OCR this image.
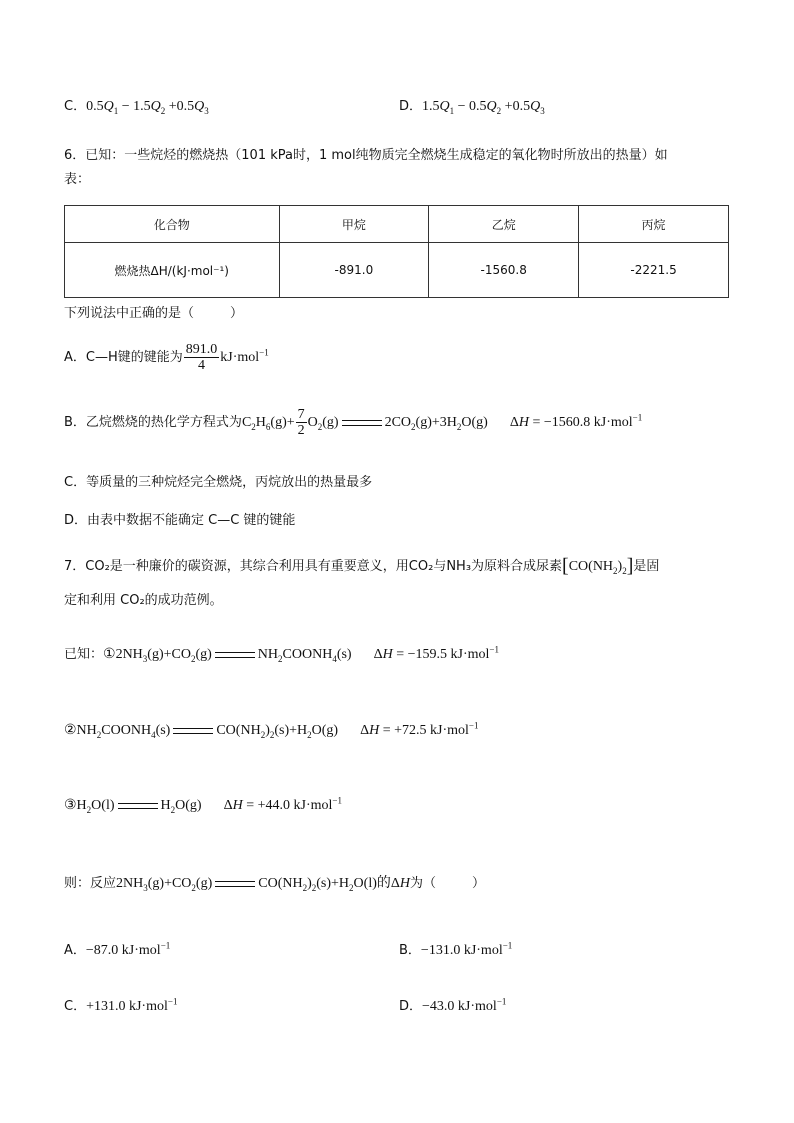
C．$0.5Q_1 - 1.5Q_2 +0.5Q_3$	D．$1.5Q_1 - 0.5Q_2 +0.5Q_3$
6．已知：一些烷烃的燃烧热（101 kPa时，1 mol纯物质完全燃烧生成稳定的氧化物时所放出的热量）如
表：
化合物	甲烷	乙烷	丙烷
燃烧热ΔH/(kJ·mol⁻¹)	-891.0	-1560.8	-2221.5
下列说法中正确的是（	）
A．C—H键的键能为 $\frac{891.0}{4} kJ\cdot mol^{-1}$
B．乙烷燃烧的热化学方程式为$C_2H_6(g)+ \frac{7}{2} O_2(g)$	$2CO_2(g)+3H_2O(g) \Delta H = -1560.8$ kJ·mol$^{-1}$
C．等质量的三种烷烃完全燃烧，丙烷放出的热量最多
D．由表中数据不能确定 C—C 键的键能
7．CO₂是一种廉价的碳资源，其综合利用具有重要意义，用CO₂与NH₃为原料合成尿素$[CO(NH_2)_2]$是固
定和利用 CO₂的成功范例。
已知：$①2NH_3(g)+CO_2(g)$	$NH_2COONH_4(s) \Delta H = -159.5$ kJ·mol$^{-1}$
$②NH_2COONH_4(s)$	$CO(NH_2)_2(s)+H_2O(g) \Delta H = +72.5$ kJ·mol$^{-1}$
$③H_2O(l)$	$H_2O(g) \Delta H = +44.0$ kJ·mol$^{-1}$
则：反应$2NH_3(g)+CO_2(g)$	$CO(NH_2)_2(s)+H_2O(l)$的ΔH为（	）
A．−87.0 kJ·mol$^{-1}$	B．−131.0 kJ·mol$^{-1}$
C．+131.0 kJ·mol$^{-1}$	D．−43.0 kJ·mol$^{-1}$
